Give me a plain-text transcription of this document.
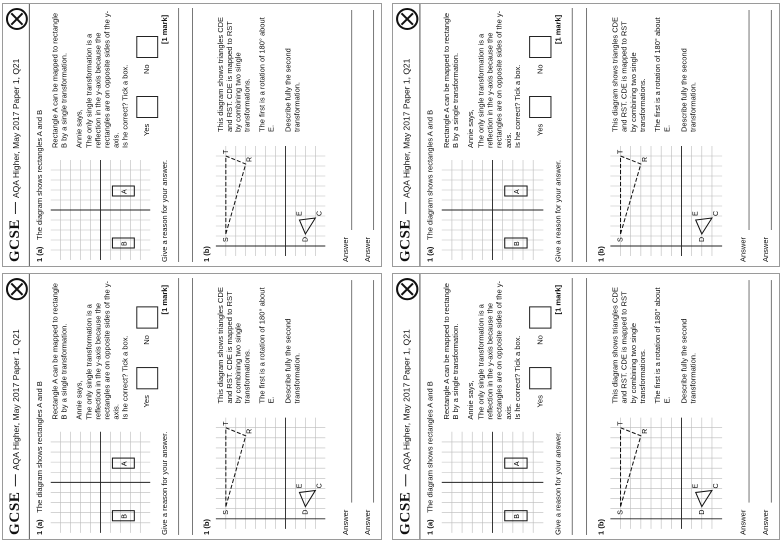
GCSE
AQA Higher, May 2017 Paper 1, Q21
1 (a)
The diagram shows rectangles A and B
B
A
Rectangle A can be mapped to rectangle B by a single transformation. Annie says, The only single transformation is a reflection in the y-axis because the rectangles are on opposite sides of the y-axis. Is he correct? Tick a box. Yes
No
Give a reason for your answer.
[1 mark]
1 (b)
S
T
R
D
C
E
This diagram shows triangles CDE and RST. CDE is mapped to RST by combining two single transformations. The first is a rotation of 180° about E. Describe fully the second transformation.
Answer Answer GCSE
AQA Higher, May 2017 Paper 1, Q21
1 (a)
The diagram shows rectangles A and B
B
A
Rectangle A can be mapped to rectangle B by a single transformation. Annie says, The only single transformation is a reflection in the y-axis because the rectangles are on opposite sides of the y-axis. Is he correct? Tick a box. Yes
No
Give a reason for your answer.
[1 mark]
1 (b)
S
T
R
D
C
E
This diagram shows triangles CDE and RST. CDE is mapped to RST by combining two single transformations. The first is a rotation of 180° about E. Describe fully the second transformation.
Answer Answer
GCSE
AQA Higher, May 2017 Paper 1, Q21
1 (a)
The diagram shows rectangles A and B
B
A
Rectangle A can be mapped to rectangle B by a single transformation. Annie says, The only single transformation is a reflection in the y-axis because the rectangles are on opposite sides of the y-axis. Is he correct? Tick a box. Yes
No
Give a reason for your answer.
[1 mark]
1 (b)
S
T
R
D
C
E
This diagram shows triangles CDE and RST. CDE is mapped to RST by combining two single transformations. The first is a rotation of 180° about E. Describe fully the second transformation.
Answer Answer GCSE
AQA Higher, May 2017 Paper 1, Q21
1 (a)
The diagram shows rectangles A and B
B
A
Rectangle A can be mapped to rectangle B by a single transformation. Annie says, The only single transformation is a reflection in the y-axis because the rectangles are on opposite sides of the y-axis. Is he correct? Tick a box. Yes
No
Give a reason for your answer.
[1 mark]
1 (b)
S
T
R
D
C
E
This diagram shows triangles CDE and RST. CDE is mapped to RST by combining two single transformations. The first is a rotation of 180° about E. Describe fully the second transformation.
Answer Answer
